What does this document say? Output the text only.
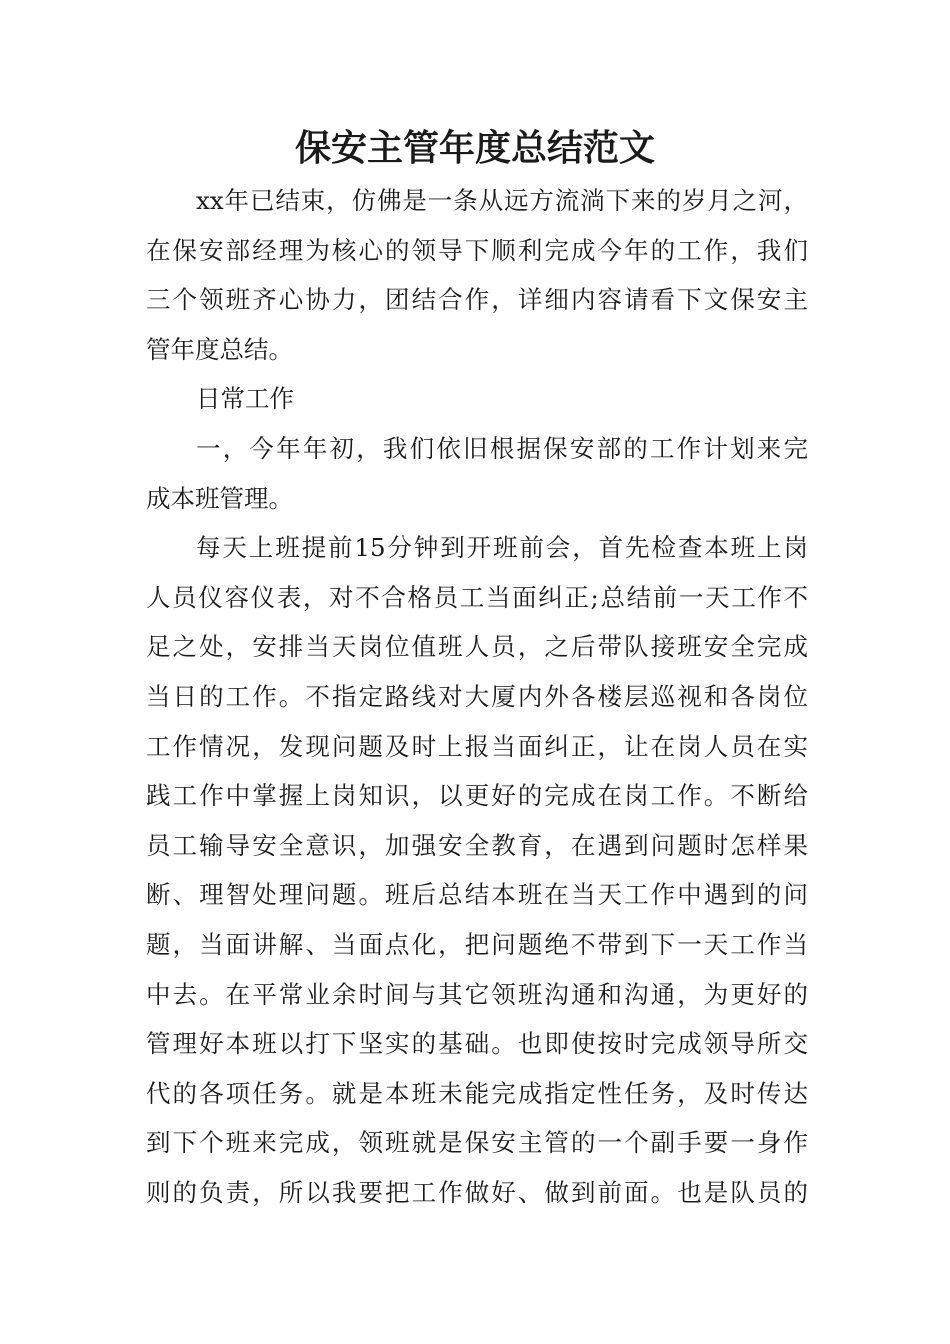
保安主管年度总结范文
xx年已结束，仿佛是一条从远方流淌下来的岁月之河，
在保安部经理为核心的领导下顺利完成今年的工作，我们
三个领班齐心协力，团结合作，详细内容请看下文保安主
管年度总结。
日常工作
一，今年年初，我们依旧根据保安部的工作计划来完
成本班管理。
每天上班提前15分钟到开班前会，首先检查本班上岗
人员仪容仪表，对不合格员工当面纠正;总结前一天工作不
足之处，安排当天岗位值班人员，之后带队接班安全完成
当日的工作。不指定路线对大厦内外各楼层巡视和各岗位
工作情况，发现问题及时上报当面纠正，让在岗人员在实
践工作中掌握上岗知识，以更好的完成在岗工作。不断给
员工输导安全意识，加强安全教育，在遇到问题时怎样果
断、理智处理问题。班后总结本班在当天工作中遇到的问
题，当面讲解、当面点化，把问题绝不带到下一天工作当
中去。在平常业余时间与其它领班沟通和沟通，为更好的
管理好本班以打下坚实的基础。也即使按时完成领导所交
代的各项任务。就是本班未能完成指定性任务，及时传达
到下个班来完成，领班就是保安主管的一个副手要一身作
则的负责，所以我要把工作做好、做到前面。也是队员的
